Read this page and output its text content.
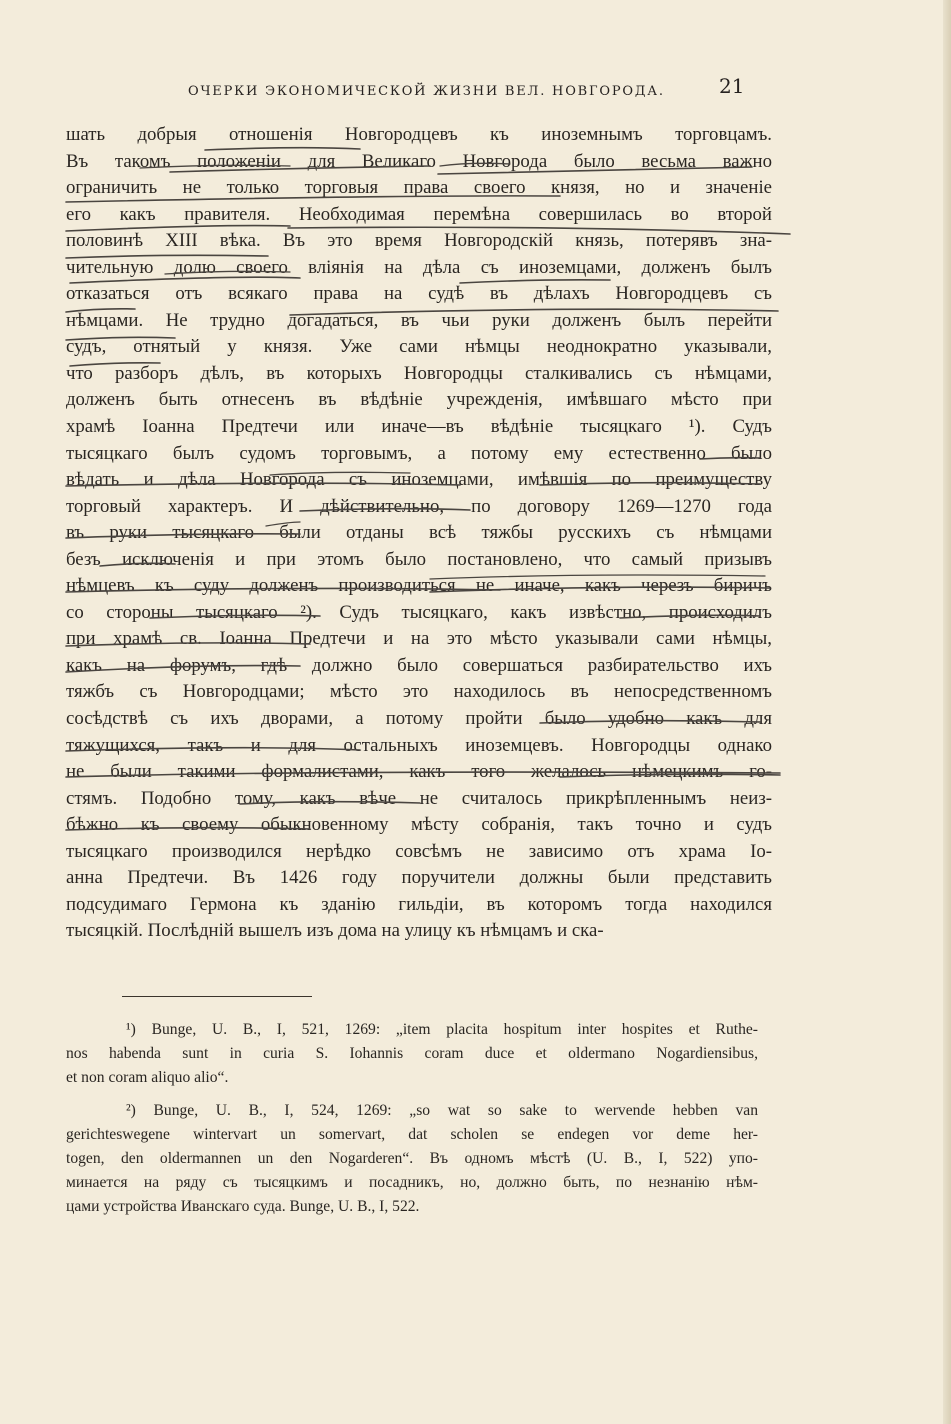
ОЧЕРКИ ЭКОНОМИЧЕСКОЙ ЖИЗНИ ВЕЛ. НОВГОРОДА.	21
шать добрыя отношенія Новгородцевъ къ иноземнымъ торговцамъ.
Въ такомъ положеніи для Великаго Новгорода было весьма важно
ограничить не только торговыя права своего князя, но и значеніе
его какъ правителя. Необходимая перемѣна совершилась во второй
половинѣ XIII вѣка. Въ это время Новгородскій князь, потерявъ зна-
чительную долю своего вліянія на дѣла съ иноземцами, долженъ былъ
отказаться отъ всякаго права на судѣ въ дѣлахъ Новгородцевъ съ
нѣмцами. Не трудно догадаться, въ чьи руки долженъ былъ перейти
судъ, отнятый у князя. Уже сами нѣмцы неоднократно указывали,
что разборъ дѣлъ, въ которыхъ Новгородцы сталкивались съ нѣмцами,
долженъ быть отнесенъ въ вѣдѣніе учрежденія, имѣвшаго мѣсто при
храмѣ Іоанна Предтечи или иначе—въ вѣдѣніе тысяцкаго ¹). Судъ
тысяцкаго былъ судомъ торговымъ, а потому ему естественно было
вѣдать и дѣла Новгорода съ иноземцами, имѣвшія по преимуществу
торговый характеръ. И дѣйствительно, по договору 1269—1270 года
въ руки тысяцкаго были отданы всѣ тяжбы русскихъ съ нѣмцами
безъ исключенія и при этомъ было постановлено, что самый призывъ
нѣмцевъ къ суду долженъ производиться не иначе, какъ черезъ биричъ
со стороны тысяцкаго ²). Судъ тысяцкаго, какъ извѣстно, происходилъ
при храмѣ св. Іоанна Предтечи и на это мѣсто указывали сами нѣмцы,
какъ на форумъ, гдѣ должно было совершаться разбирательство ихъ
тяжбъ съ Новгородцами; мѣсто это находилось въ непосредственномъ
сосѣдствѣ съ ихъ дворами, а потому пройти было удобно какъ для
тяжущихся, такъ и для остальныхъ иноземцевъ. Новгородцы однако
не были такими формалистами, какъ того желалось нѣмецкимъ го-
стямъ. Подобно тому, какъ вѣче не считалось прикрѣпленнымъ неиз-
бѣжно къ своему обыкновенному мѣсту собранія, такъ точно и судъ
тысяцкаго производился нерѣдко совсѣмъ не зависимо отъ храма Іо-
анна Предтечи. Въ 1426 году поручители должны были представить
подсудимаго Гермона къ зданію гильдіи, въ которомъ тогда находился
тысяцкій. Послѣдній вышелъ изъ дома на улицу къ нѣмцамъ и ска-
¹) Bunge, U. B., I, 521, 1269: „item placita hospitum inter hospites et Ruthe-
nos habenda sunt in curia S. Iohannis coram duce et oldermano Nogardiensibus,
et non coram aliquo alio“.
²) Bunge, U. B., I, 524, 1269: „so wat so sake to wervende hebben van
gerichteswegene wintervart un somervart, dat scholen se endegen vor deme her-
togen, den oldermannen un den Nogarderen“. Въ одномъ мѣстѣ (U. B., I, 522) упо-
минается на ряду съ тысяцкимъ и посадникъ, но, должно быть, по незнанію нѣм-
цами устройства Иванскаго суда. Bunge, U. B., I, 522.
